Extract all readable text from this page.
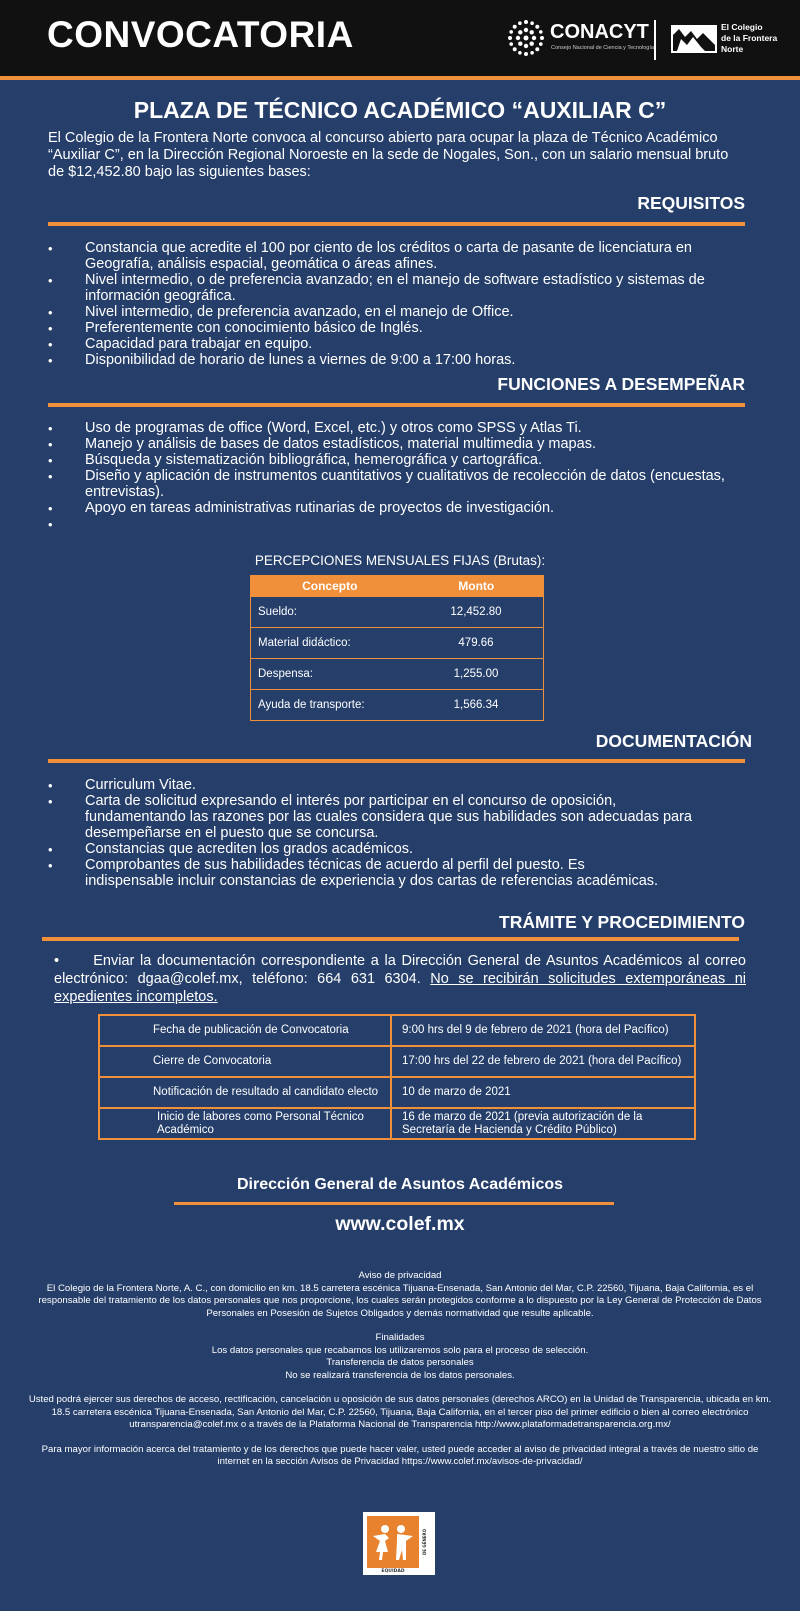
CONVOCATORIA	CONACYT
Consejo Nacional de Ciencia y Tecnología
El Colegio
de la Frontera
Norte
PLAZA DE TÉCNICO ACADÉMICO “AUXILIAR C”
El Colegio de la Frontera Norte convoca al concurso abierto para ocupar la plaza de Técnico Académico “Auxiliar C”, en la Dirección Regional Noroeste en la sede de Nogales, Son., con un salario mensual bruto de $12,452.80 bajo las siguientes bases:
REQUISITOS
• Constancia que acredite el 100 por ciento de los créditos o carta de pasante de licenciatura en Geografía, análisis espacial, geomática o áreas afines.
• Nivel intermedio, o de preferencia avanzado; en el manejo de software estadístico y sistemas de información geográfica.
• Nivel intermedio, de preferencia avanzado, en el manejo de Office.
• Preferentemente con conocimiento básico de Inglés.
• Capacidad para trabajar en equipo.
• Disponibilidad de horario de lunes a viernes de 9:00 a 17:00 horas.
FUNCIONES A DESEMPEÑAR
• Uso de programas de office (Word, Excel, etc.) y otros como SPSS y Atlas Ti.
• Manejo y análisis de bases de datos estadísticos, material multimedia y mapas.
• Búsqueda y sistematización bibliográfica, hemerográfica y cartográfica.
• Diseño y aplicación de instrumentos cuantitativos y cualitativos de recolección de datos (encuestas, entrevistas).
• Apoyo en tareas administrativas rutinarias de proyectos de investigación.
•
PERCEPCIONES MENSUALES FIJAS (Brutas):
Concepto	Monto
Sueldo:	12,452.80
Material didáctico:	479.66
Despensa:	1,255.00
Ayuda de transporte:	1,566.34
DOCUMENTACIÓN
• Curriculum Vitae.
• Carta de solicitud expresando el interés por participar en el concurso de oposición, fundamentando las razones por las cuales considera que sus habilidades son adecuadas para desempeñarse en el puesto que se concursa.
• Constancias que acrediten los grados académicos.
• Comprobantes de sus habilidades técnicas de acuerdo al perfil del puesto. Es indispensable incluir constancias de experiencia y dos cartas de referencias académicas.
TRÁMITE Y PROCEDIMIENTO
•      Enviar la documentación correspondiente a la Dirección General de Asuntos Académicos al correo electrónico: dgaa@colef.mx, teléfono: 664 631 6304. No se recibirán solicitudes extemporáneas ni expedientes incompletos.
Fecha de publicación de Convocatoria	9:00 hrs del 9 de febrero de 2021 (hora del Pacífico)
Cierre de Convocatoria	17:00 hrs del 22 de febrero de 2021 (hora del Pacífico)
Notificación de resultado al candidato electo	10 de marzo de 2021
Inicio de labores como Personal Técnico Académico	16 de marzo de 2021 (previa autorización de la Secretaría de Hacienda y Crédito Público)
Dirección General de Asuntos Académicos
www.colef.mx
Aviso de privacidad
El Colegio de la Frontera Norte, A. C., con domicilio en km. 18.5 carretera escénica Tijuana-Ensenada, San Antonio del Mar, C.P. 22560, Tijuana, Baja California, es el responsable del tratamiento de los datos personales que nos proporcione, los cuales serán protegidos conforme a lo dispuesto por la Ley General de Protección de Datos Personales en Posesión de Sujetos Obligados y demás normatividad que resulte aplicable.
Finalidades
Los datos personales que recabamos los utilizaremos solo para el proceso de selección.
Transferencia de datos personales
No se realizará transferencia de los datos personales.
Usted podrá ejercer sus derechos de acceso, rectificación, cancelación u oposición de sus datos personales (derechos ARCO) en la Unidad de Transparencia, ubicada en km. 18.5 carretera escénica Tijuana-Ensenada, San Antonio del Mar, C.P. 22560, Tijuana, Baja California, en el tercer piso del primer edificio o bien al correo electrónico utransparencia@colef.mx o a través de la Plataforma Nacional de Transparencia http://www.plataformadetransparencia.org.mx/
Para mayor información acerca del tratamiento y de los derechos que puede hacer valer, usted puede acceder al aviso de privacidad integral a través de nuestro sitio de internet en la sección Avisos de Privacidad https://www.colef.mx/avisos-de-privacidad/
EQUIDAD
DE GÉNERO
